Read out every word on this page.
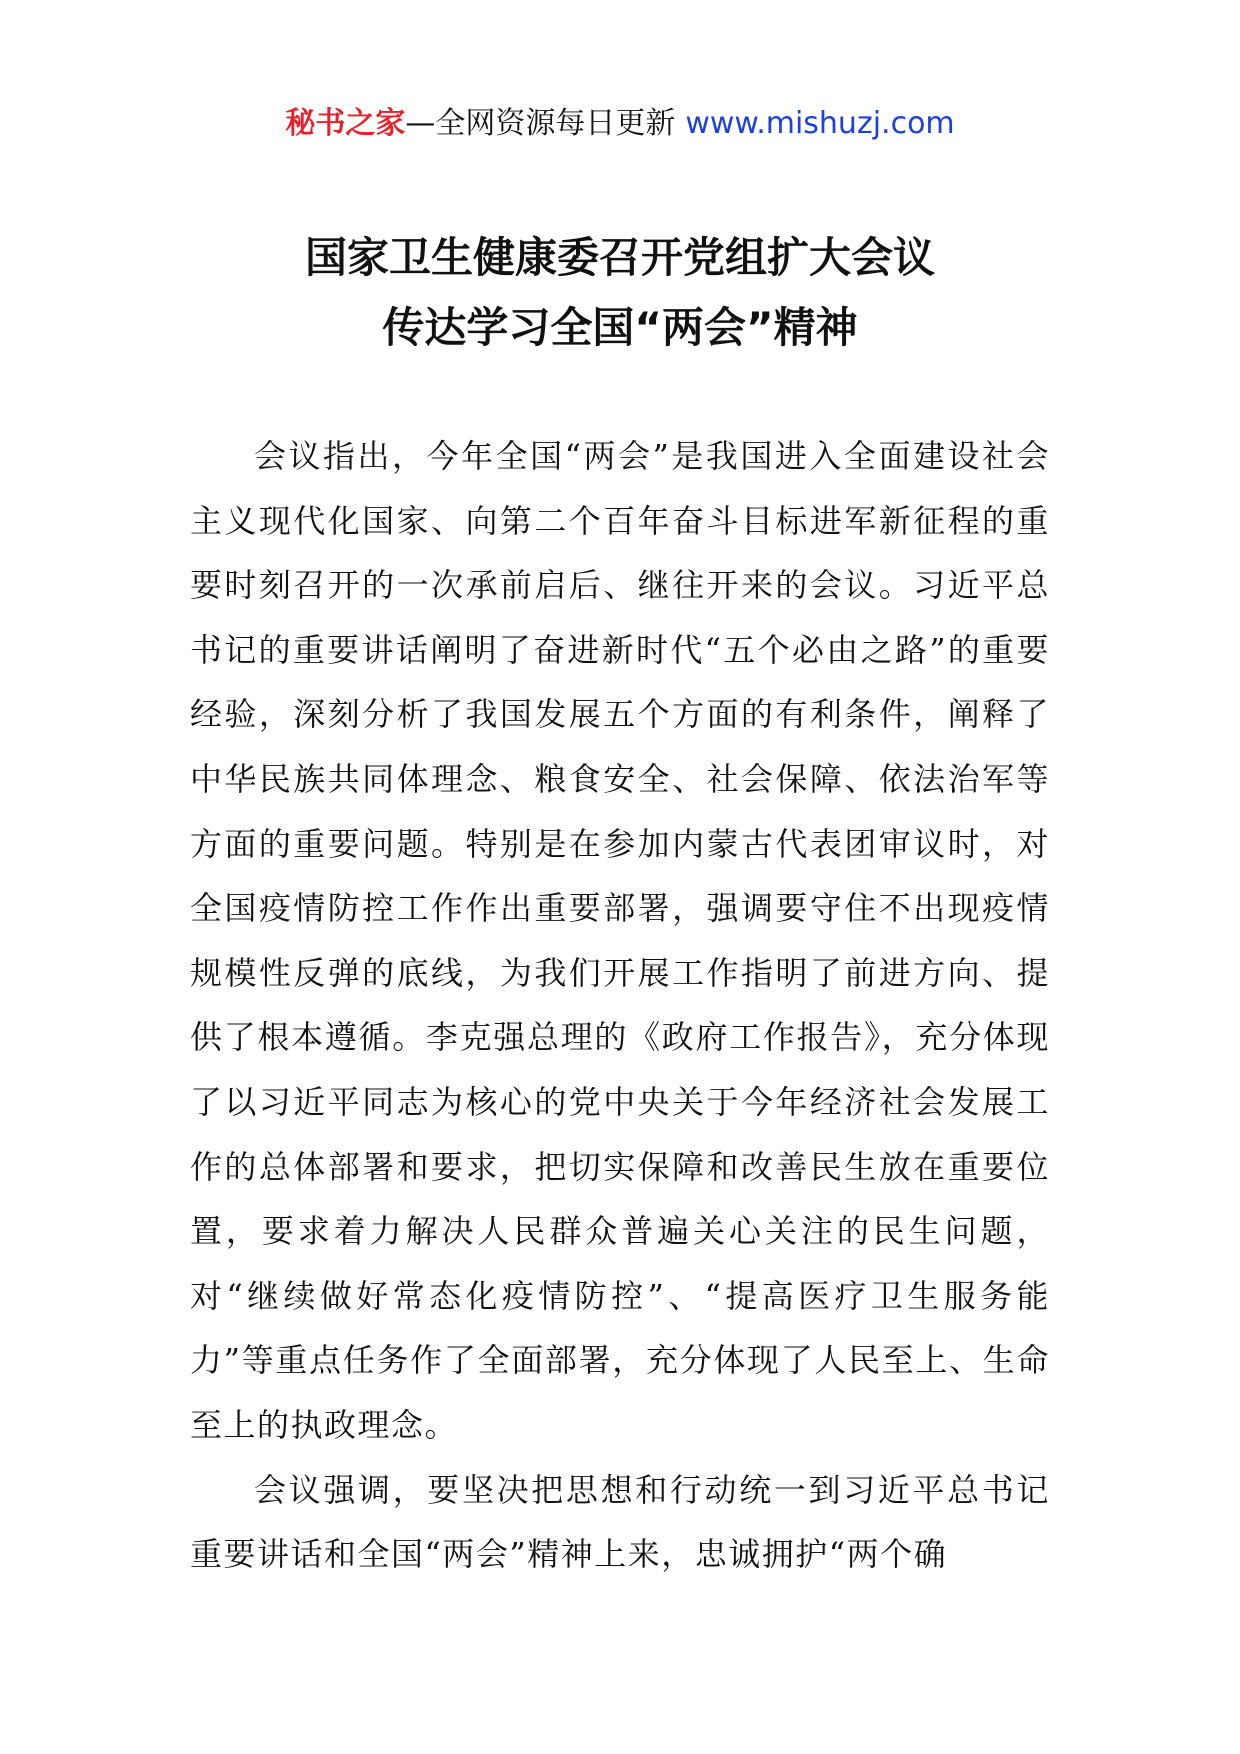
秘书之家—全网资源每日更新 www.mishuzj.com
国家卫生健康委召开党组扩大会议
传达学习全国“两会”精神

会议指出，今年全国“两会”是我国进入全面建设社会主义现代化国家、向第二个百年奋斗目标进军新征程的重要时刻召开的一次承前启后、继往开来的会议。习近平总书记的重要讲话阐明了奋进新时代“五个必由之路”的重要经验，深刻分析了我国发展五个方面的有利条件，阐释了中华民族共同体理念、粮食安全、社会保障、依法治军等方面的重要问题。特别是在参加内蒙古代表团审议时，对全国疫情防控工作作出重要部署，强调要守住不出现疫情规模性反弹的底线，为我们开展工作指明了前进方向、提供了根本遵循。李克强总理的《政府工作报告》，充分体现了以习近平同志为核心的党中央关于今年经济社会发展工作的总体部署和要求，把切实保障和改善民生放在重要位置，要求着力解决人民群众普遍关心关注的民生问题，对“继续做好常态化疫情防控”、“提高医疗卫生服务能力”等重点任务作了全面部署，充分体现了人民至上、生命至上的执政理念。

会议强调，要坚决把思想和行动统一到习近平总书记重要讲话和全国“两会”精神上来，忠诚拥护“两个确
